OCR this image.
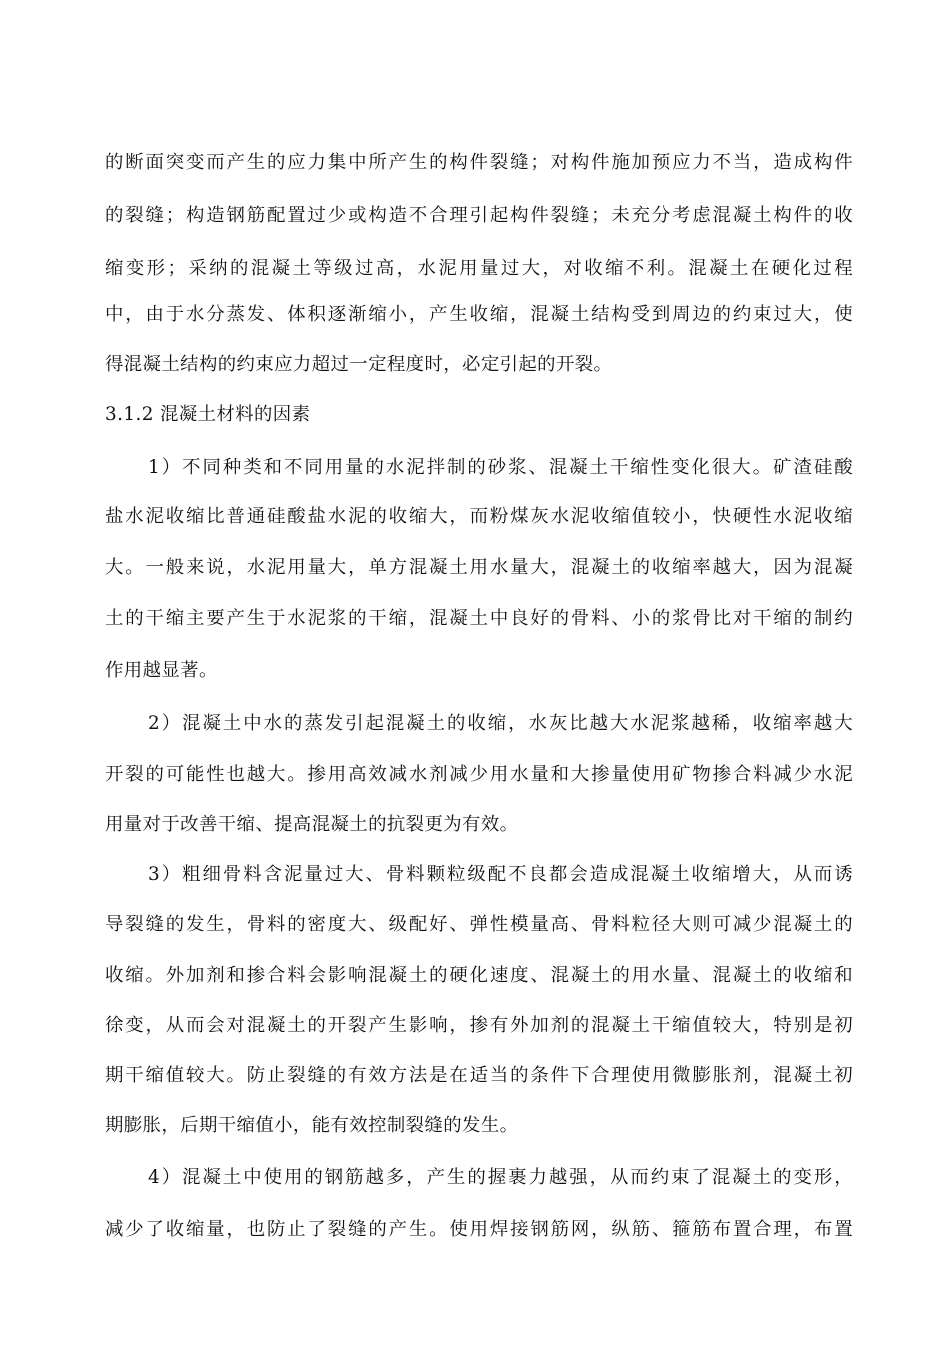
的断面突变而产生的应力集中所产生的构件裂缝；对构件施加预应力不当，造成构件
的裂缝；构造钢筋配置过少或构造不合理引起构件裂缝；未充分考虑混凝土构件的收
缩变形；采纳的混凝土等级过高，水泥用量过大，对收缩不利。混凝土在硬化过程
中，由于水分蒸发、体积逐渐缩小，产生收缩，混凝土结构受到周边的约束过大，使
得混凝土结构的约束应力超过一定程度时，必定引起的开裂。
3.1.2 混凝土材料的因素
1）不同种类和不同用量的水泥拌制的砂浆、混凝土干缩性变化很大。矿渣硅酸
盐水泥收缩比普通硅酸盐水泥的收缩大，而粉煤灰水泥收缩值较小，快硬性水泥收缩
大。一般来说，水泥用量大，单方混凝土用水量大，混凝土的收缩率越大，因为混凝
土的干缩主要产生于水泥浆的干缩，混凝土中良好的骨料、小的浆骨比对干缩的制约
作用越显著。
2）混凝土中水的蒸发引起混凝土的收缩，水灰比越大水泥浆越稀，收缩率越大
开裂的可能性也越大。掺用高效减水剂减少用水量和大掺量使用矿物掺合料减少水泥
用量对于改善干缩、提高混凝土的抗裂更为有效。
3）粗细骨料含泥量过大、骨料颗粒级配不良都会造成混凝土收缩增大，从而诱
导裂缝的发生，骨料的密度大、级配好、弹性模量高、骨料粒径大则可减少混凝土的
收缩。外加剂和掺合料会影响混凝土的硬化速度、混凝土的用水量、混凝土的收缩和
徐变，从而会对混凝土的开裂产生影响，掺有外加剂的混凝土干缩值较大，特别是初
期干缩值较大。防止裂缝的有效方法是在适当的条件下合理使用微膨胀剂，混凝土初
期膨胀，后期干缩值小，能有效控制裂缝的发生。
4）混凝土中使用的钢筋越多，产生的握裹力越强，从而约束了混凝土的变形，
减少了收缩量，也防止了裂缝的产生。使用焊接钢筋网，纵筋、箍筋布置合理，布置
